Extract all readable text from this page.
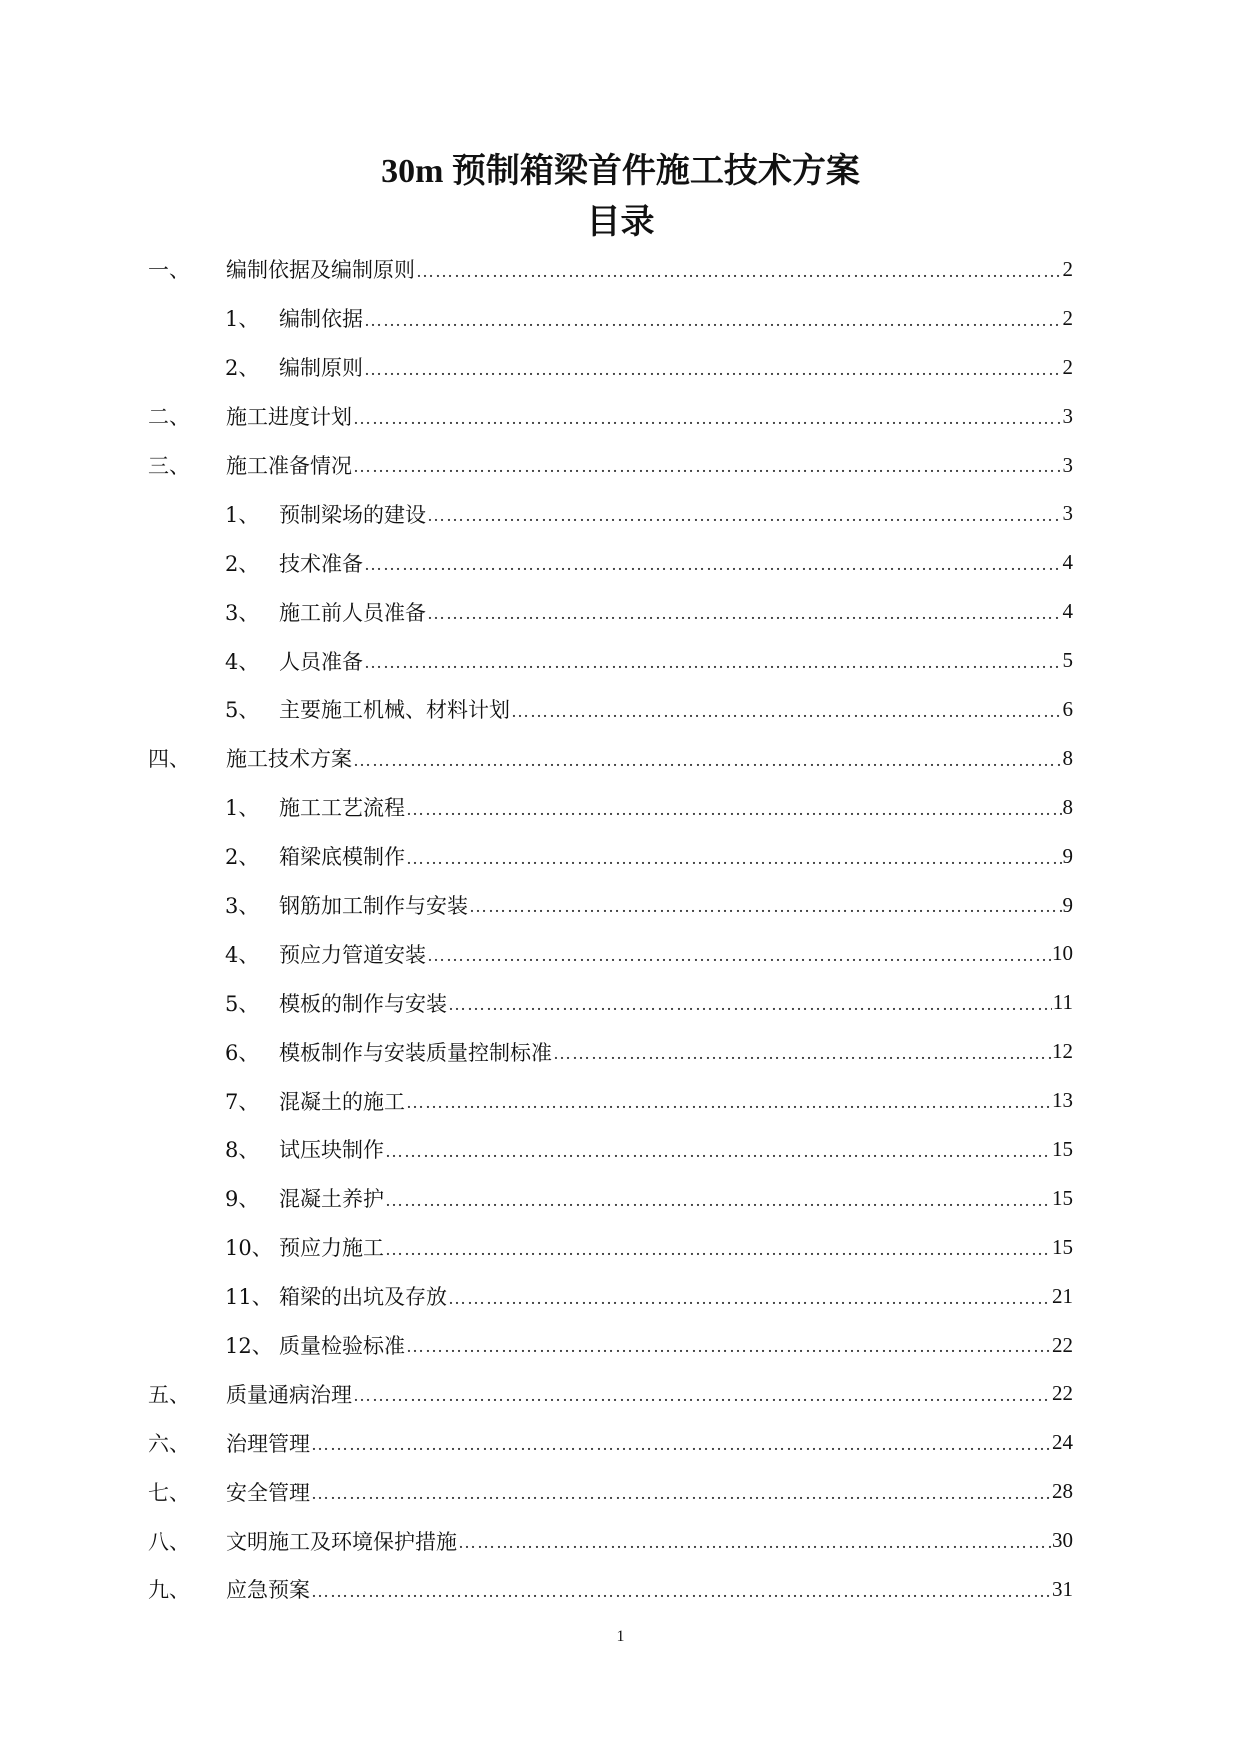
30m 预制箱梁首件施工技术方案
目录
一、	编制依据及编制原则 …………………………………………………………………………………………………………………………………………………………	2
1、 编制依据 …………………………………………………………………………………………………………………………………………………………	2
2、 编制原则 …………………………………………………………………………………………………………………………………………………………	2
二、	施工进度计划 …………………………………………………………………………………………………………………………………………………………	3
三、	施工准备情况 …………………………………………………………………………………………………………………………………………………………	3
1、 预制梁场的建设 …………………………………………………………………………………………………………………………………………………………	3
2、 技术准备 …………………………………………………………………………………………………………………………………………………………	4
3、 施工前人员准备 …………………………………………………………………………………………………………………………………………………………	4
4、 人员准备 …………………………………………………………………………………………………………………………………………………………	5
5、 主要施工机械、材料计划 …………………………………………………………………………………………………………………………………………………………	6
四、	施工技术方案 …………………………………………………………………………………………………………………………………………………………	8
1、 施工工艺流程 …………………………………………………………………………………………………………………………………………………………	8
2、 箱梁底模制作 …………………………………………………………………………………………………………………………………………………………	9
3、 钢筋加工制作与安装 …………………………………………………………………………………………………………………………………………………………	9
4、 预应力管道安装 …………………………………………………………………………………………………………………………………………………………	10
5、 模板的制作与安装 …………………………………………………………………………………………………………………………………………………………	11
6、 模板制作与安装质量控制标准 …………………………………………………………………………………………………………………………………………………………	12
7、 混凝土的施工 …………………………………………………………………………………………………………………………………………………………	13
8、 试压块制作 …………………………………………………………………………………………………………………………………………………………	15
9、 混凝土养护 …………………………………………………………………………………………………………………………………………………………	15
10、 预应力施工 …………………………………………………………………………………………………………………………………………………………	15
11、 箱梁的出坑及存放 …………………………………………………………………………………………………………………………………………………………	21
12、 质量检验标准 …………………………………………………………………………………………………………………………………………………………	22
五、	质量通病治理 …………………………………………………………………………………………………………………………………………………………	22
六、	治理管理 …………………………………………………………………………………………………………………………………………………………	24
七、	安全管理 …………………………………………………………………………………………………………………………………………………………	28
八、	文明施工及环境保护措施 …………………………………………………………………………………………………………………………………………………………	30
九、	应急预案 …………………………………………………………………………………………………………………………………………………………	31
1
